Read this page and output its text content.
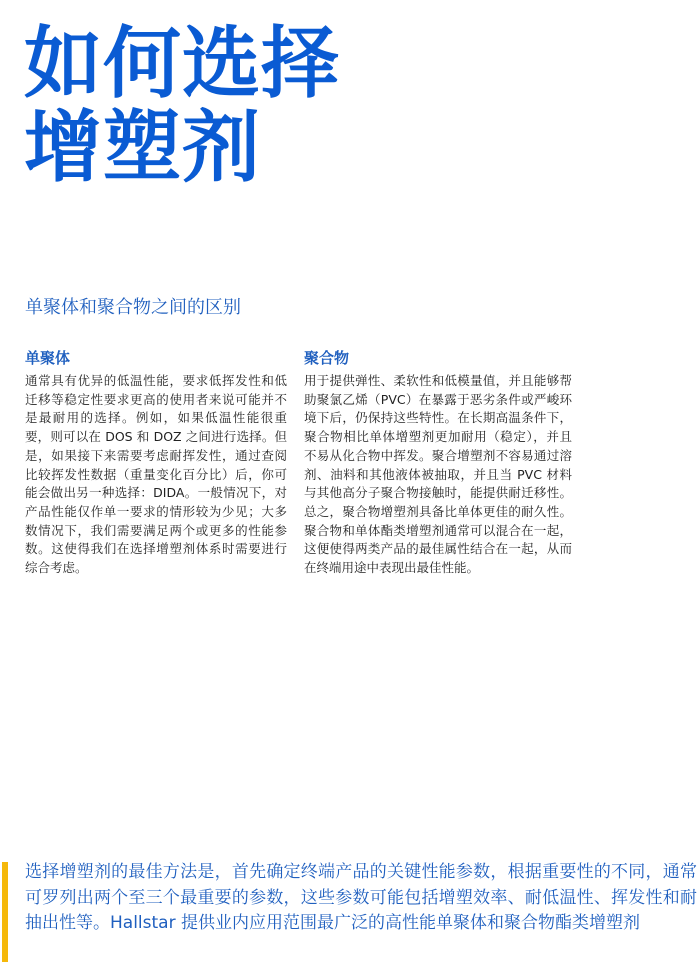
如何选择
增塑剂
单聚体和聚合物之间的区别
单聚体

通常具有优异的低温性能，要求低挥发性和低迁移等稳定性要求更高的使用者来说可能并不是最耐用的选择。例如，如果低温性能很重要，则可以在 DOS 和 DOZ 之间进行选择。但是，如果接下来需要考虑耐挥发性，通过查阅比较挥发性数据（重量变化百分比）后，你可能会做出另一种选择：DIDA。一般情况下，对产品性能仅作单一要求的情形较为少见；大多数情况下，我们需要满足两个或更多的性能参数。这使得我们在选择增塑剂体系时需要进行综合考虑。

聚合物

用于提供弹性、柔软性和低模量值，并且能够帮助聚氯乙烯（PVC）在暴露于恶劣条件或严峻环境下后，仍保持这些特性。在长期高温条件下，聚合物相比单体增塑剂更加耐用（稳定），并且不易从化合物中挥发。聚合增塑剂不容易通过溶剂、油料和其他液体被抽取，并且当 PVC 材料与其他高分子聚合物接触时，能提供耐迁移性。总之，聚合物增塑剂具备比单体更佳的耐久性。聚合物和单体酯类增塑剂通常可以混合在一起，这便使得两类产品的最佳属性结合在一起，从而在终端用途中表现出最佳性能。

选择增塑剂的最佳方法是，首先确定终端产品的关键性能参数，根据重要性的不同，通常可罗列出两个至三个最重要的参数，这些参数可能包括增塑效率、耐低温性、挥发性和耐抽出性等。Hallstar 提供业内应用范围最广泛的高性能单聚体和聚合物酯类增塑剂
